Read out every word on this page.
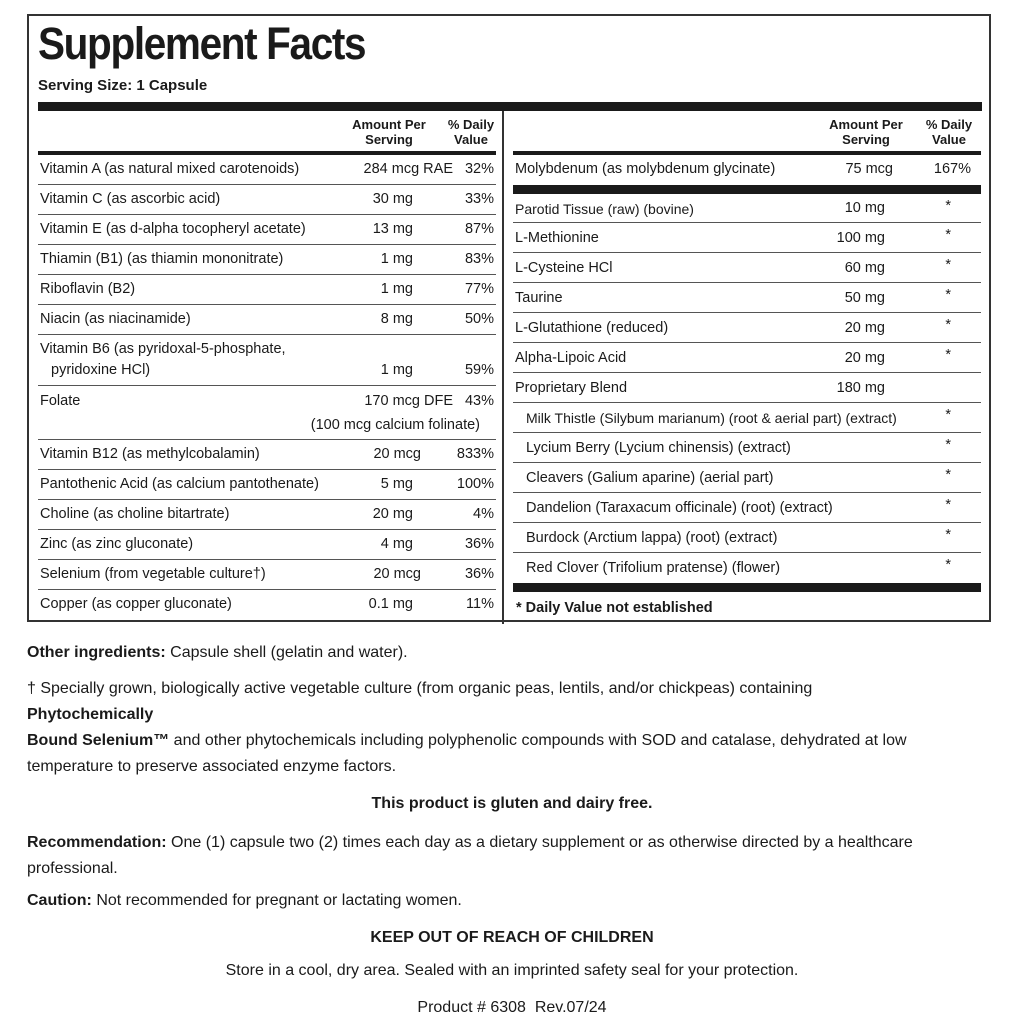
Supplement Facts
Serving Size: 1 Capsule
Amount Per
Serving
% Daily
Value
Amount Per
Serving
% Daily
Value
Vitamin A (as natural mixed carotenoids)	284 mcg RAE 32%
Vitamin C (as ascorbic acid)	30 mg	33%
Vitamin E (as d-alpha tocopheryl acetate)	13 mg	87%
Thiamin (B1) (as thiamin mononitrate)	1 mg	83%
Riboflavin (B2)	1 mg	77%
Niacin (as niacinamide)	8 mg	50%
Vitamin B6 (as pyridoxal-5-phosphate,
pyridoxine HCl)	1 mg	59%
Folate	170 mcg DFE 43%
(100 mcg calcium folinate)
Vitamin B12 (as methylcobalamin)	20 mcg 833%
Pantothenic Acid (as calcium pantothenate)	5 mg	100%
Choline (as choline bitartrate)	20 mg	4%
Zinc (as zinc gluconate)	4 mg	36%
Selenium (from vegetable culture†)	20 mcg	36%
Copper (as copper gluconate)	0.1 mg	11%
Molybdenum (as molybdenum glycinate)	75 mcg	167%
Parotid Tissue (raw) (bovine)	10 mg	*
L-Methionine	100 mg	*
L-Cysteine HCl	60 mg	*
Taurine	50 mg	*
L-Glutathione (reduced)	20 mg	*
Alpha-Lipoic Acid	20 mg	*
Proprietary Blend	180 mg
Milk Thistle (Silybum marianum) (root & aerial part) (extract)	*
Lycium Berry (Lycium chinensis) (extract)	*
Cleavers (Galium aparine) (aerial part)	*
Dandelion (Taraxacum officinale) (root) (extract)	*
Burdock (Arctium lappa) (root) (extract)	*
Red Clover (Trifolium pratense) (flower)	*
* Daily Value not established
Other ingredients: Capsule shell (gelatin and water).
† Specially grown, biologically active vegetable culture (from organic peas, lentils, and/or chickpeas) containing
Phytochemically
Bound Selenium™ and other phytochemicals including polyphenolic compounds with SOD and catalase, dehydrated at low temperature to preserve associated enzyme factors.
This product is gluten and dairy free.
Recommendation: One (1) capsule two (2) times each day as a dietary supplement or as otherwise directed by a healthcare professional.
Caution: Not recommended for pregnant or lactating women.
KEEP OUT OF REACH OF CHILDREN
Store in a cool, dry area. Sealed with an imprinted safety seal for your protection.
Product # 6308  Rev.07/24
